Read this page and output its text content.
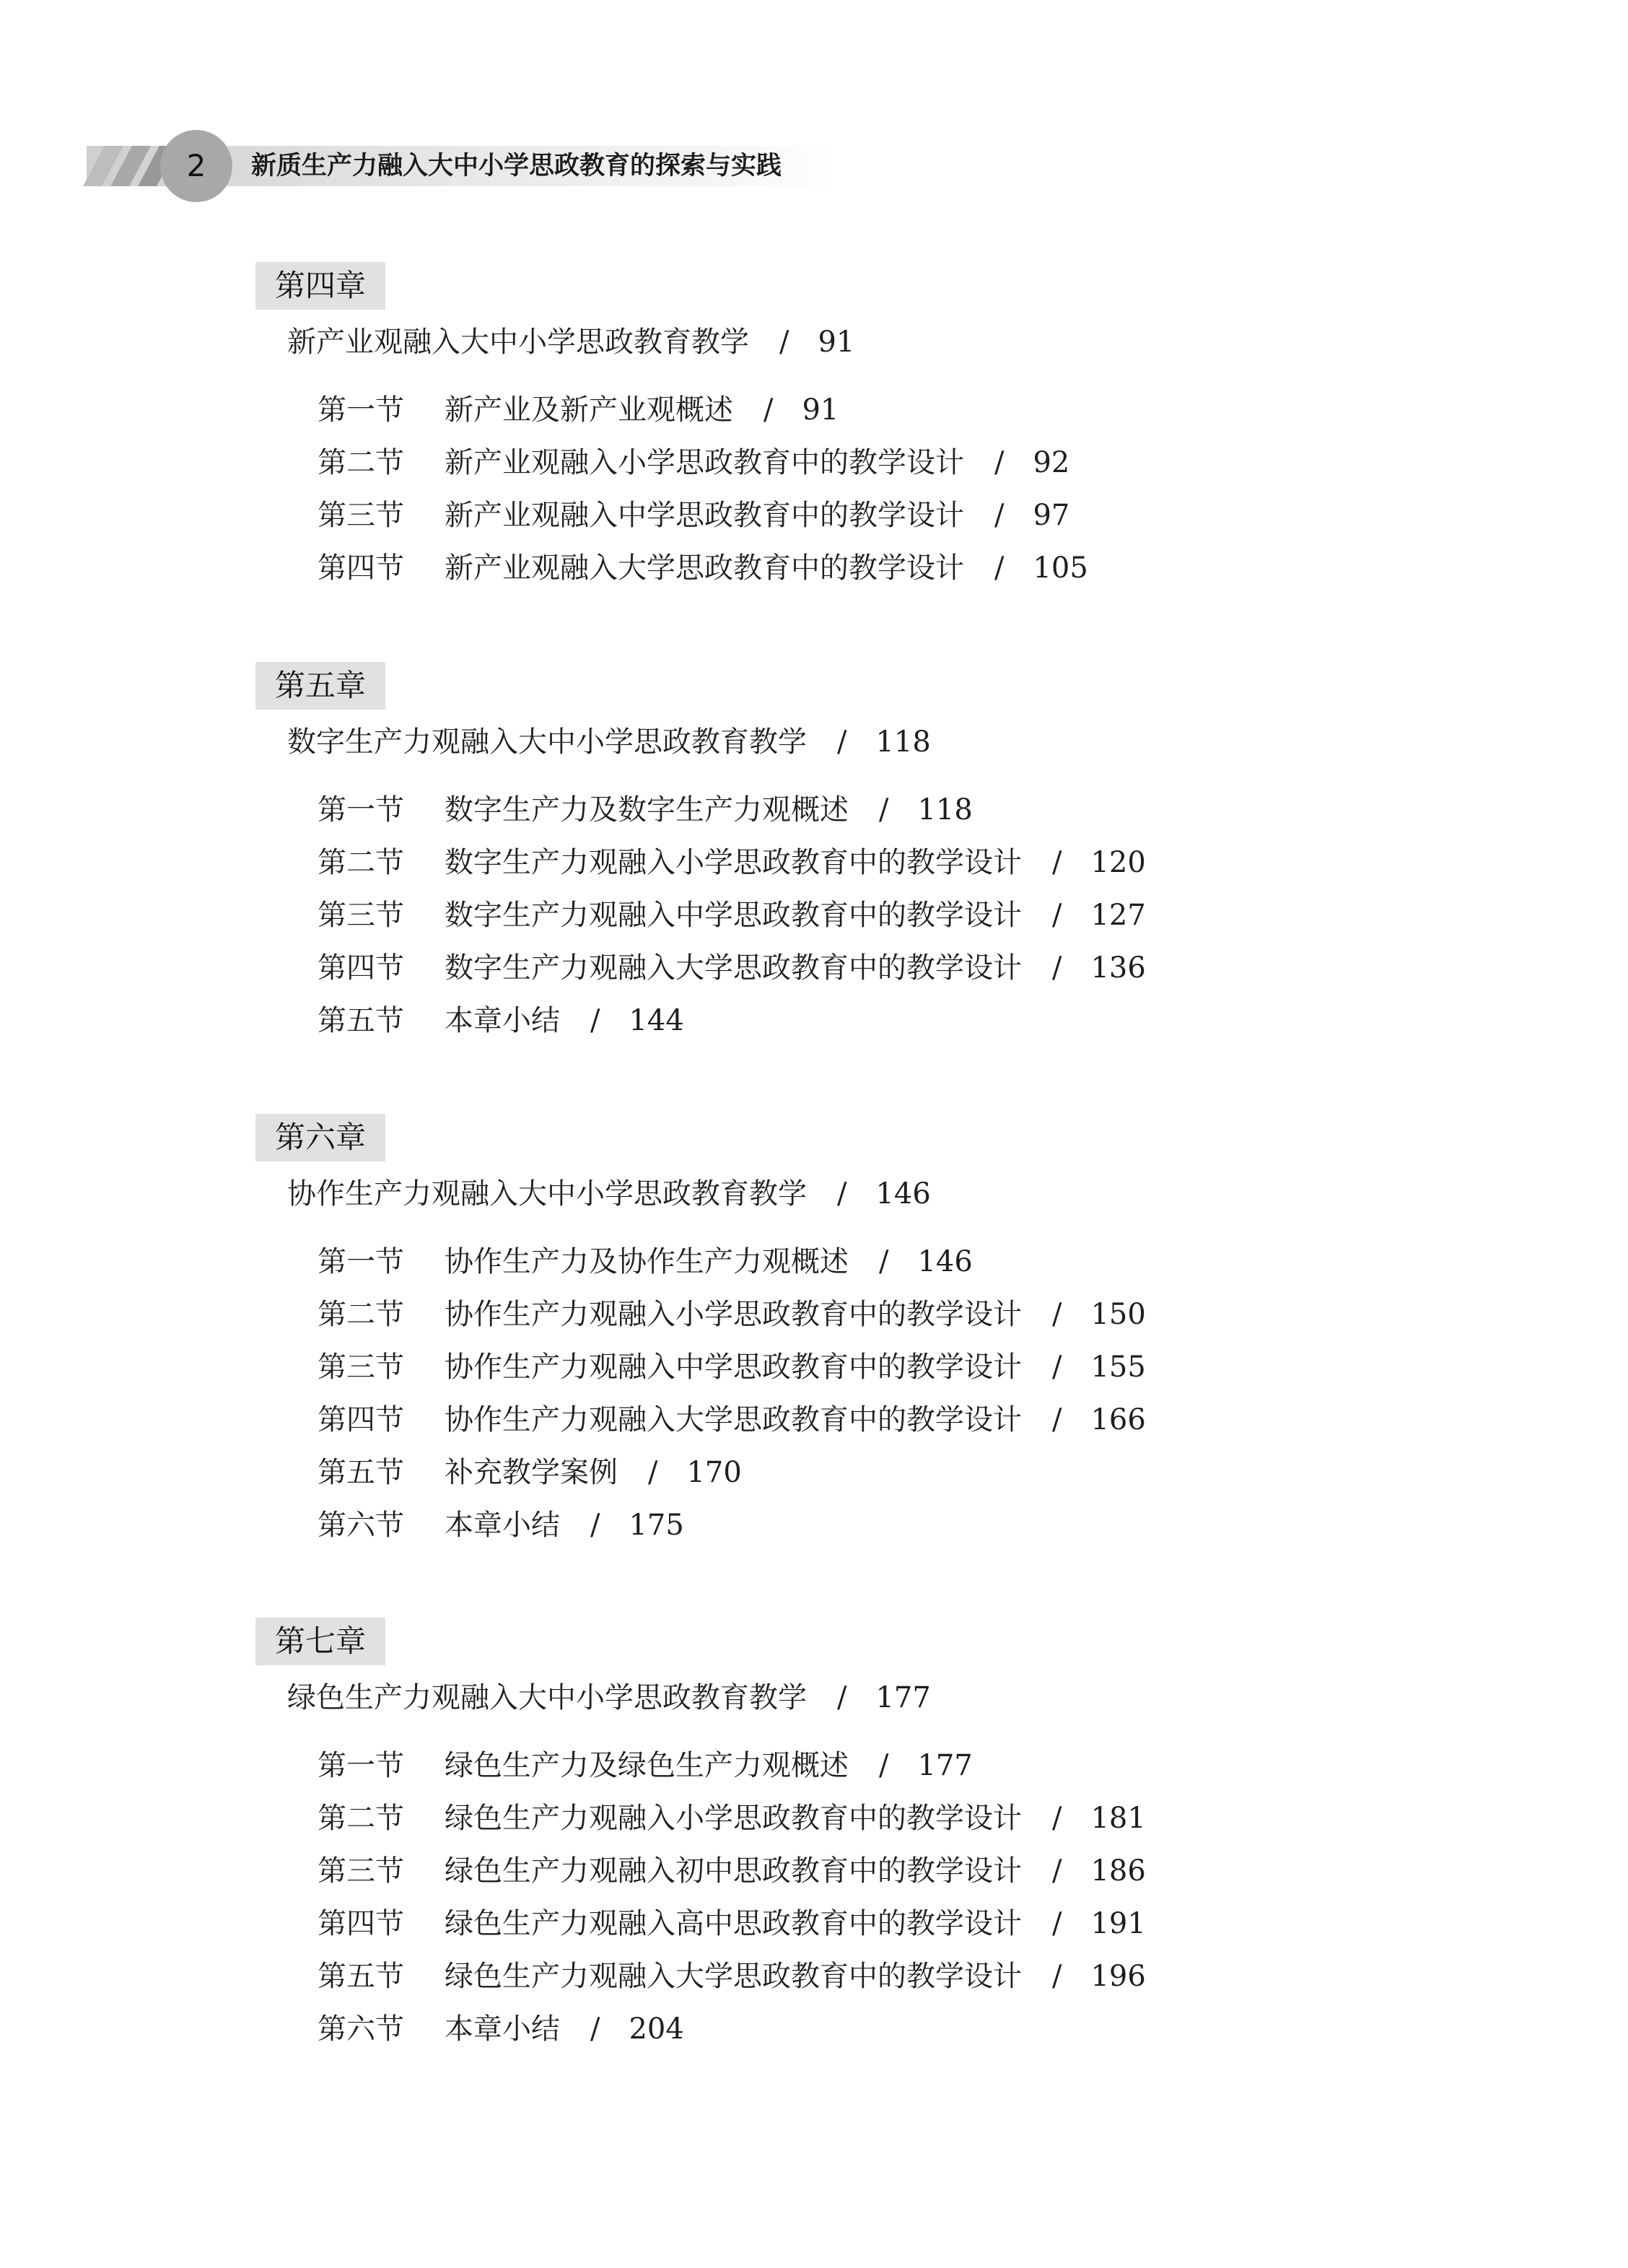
2	新质生产力融入大中小学思政教育的探索与实践
第四章
新产业观融入大中小学思政教育教学 / 91
第一节 新产业及新产业观概述 / 91
第二节 新产业观融入小学思政教育中的教学设计 / 92
第三节 新产业观融入中学思政教育中的教学设计 / 97
第四节 新产业观融入大学思政教育中的教学设计 / 105
第五章
数字生产力观融入大中小学思政教育教学 / 118
第一节 数字生产力及数字生产力观概述 / 118
第二节 数字生产力观融入小学思政教育中的教学设计 / 120
第三节 数字生产力观融入中学思政教育中的教学设计 / 127
第四节 数字生产力观融入大学思政教育中的教学设计 / 136
第五节 本章小结 / 144
第六章
协作生产力观融入大中小学思政教育教学 / 146
第一节 协作生产力及协作生产力观概述 / 146
第二节 协作生产力观融入小学思政教育中的教学设计 / 150
第三节 协作生产力观融入中学思政教育中的教学设计 / 155
第四节 协作生产力观融入大学思政教育中的教学设计 / 166
第五节 补充教学案例 / 170
第六节 本章小结 / 175
第七章
绿色生产力观融入大中小学思政教育教学 / 177
第一节 绿色生产力及绿色生产力观概述 / 177
第二节 绿色生产力观融入小学思政教育中的教学设计 / 181
第三节 绿色生产力观融入初中思政教育中的教学设计 / 186
第四节 绿色生产力观融入高中思政教育中的教学设计 / 191
第五节 绿色生产力观融入大学思政教育中的教学设计 / 196
第六节 本章小结 / 204
